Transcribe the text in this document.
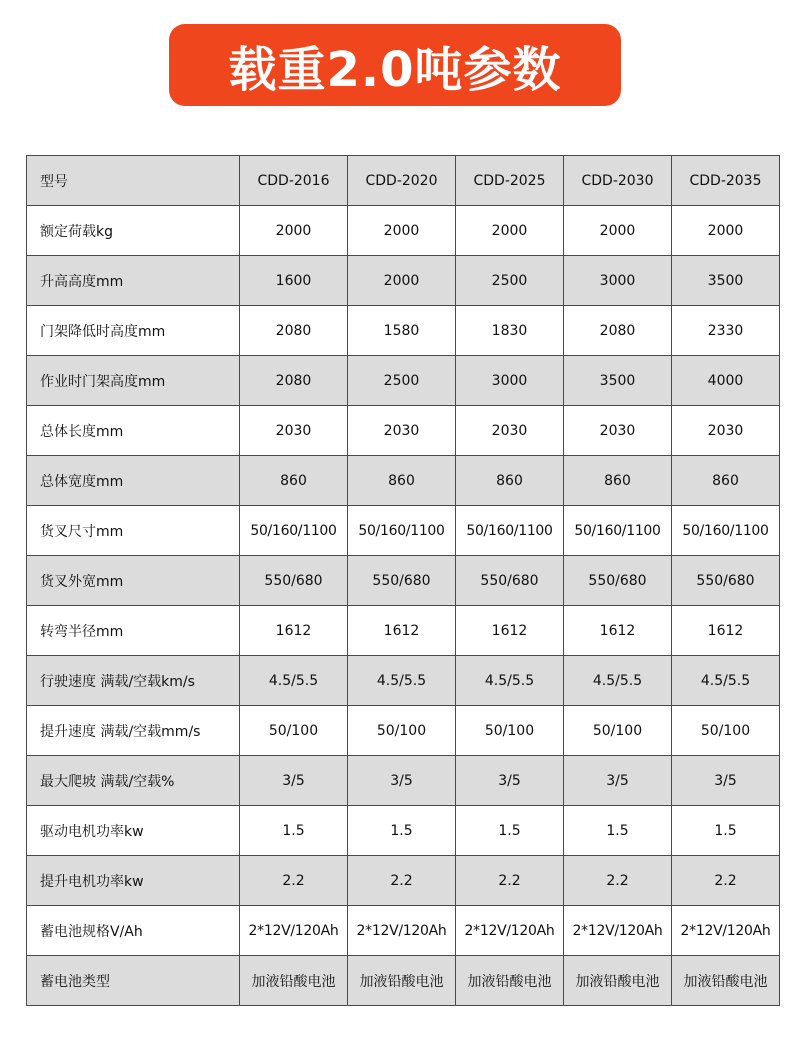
载重2.0吨参数
型号	CDD-2016	CDD-2020	CDD-2025	CDD-2030	CDD-2035
额定荷载kg	2000	2000	2000	2000	2000
升高高度mm	1600	2000	2500	3000	3500
门架降低时高度mm	2080	1580	1830	2080	2330
作业时门架高度mm	2080	2500	3000	3500	4000
总体长度mm	2030	2030	2030	2030	2030
总体宽度mm	860	860	860	860	860
货叉尺寸mm	50/160/1100	50/160/1100	50/160/1100	50/160/1100	50/160/1100
货叉外宽mm	550/680	550/680	550/680	550/680	550/680
转弯半径mm	1612	1612	1612	1612	1612
行驶速度 满载/空载km/s	4.5/5.5	4.5/5.5	4.5/5.5	4.5/5.5	4.5/5.5
提升速度 满载/空载mm/s	50/100	50/100	50/100	50/100	50/100
最大爬坡 满载/空载%	3/5	3/5	3/5	3/5	3/5
驱动电机功率kw	1.5	1.5	1.5	1.5	1.5
提升电机功率kw	2.2	2.2	2.2	2.2	2.2
蓄电池规格V/Ah	2*12V/120Ah	2*12V/120Ah	2*12V/120Ah	2*12V/120Ah	2*12V/120Ah
蓄电池类型	加液铅酸电池	加液铅酸电池	加液铅酸电池	加液铅酸电池	加液铅酸电池
